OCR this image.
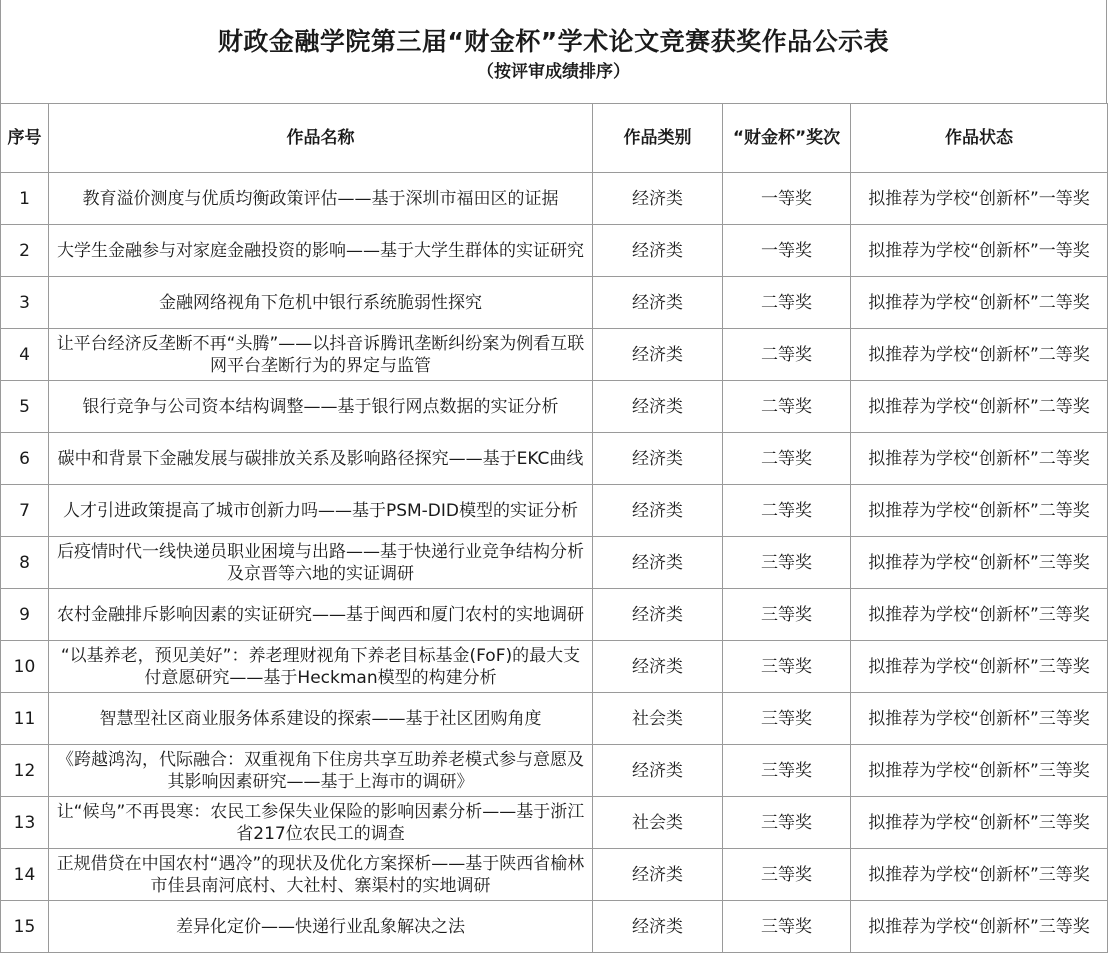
财政金融学院第三届“财金杯”学术论文竞赛获奖作品公示表
（按评审成绩排序）
序号	作品名称	作品类别	“财金杯”奖次	作品状态
1	教育溢价测度与优质均衡政策评估——基于深圳市福田区的证据	经济类	一等奖	拟推荐为学校“创新杯”一等奖
2	大学生金融参与对家庭金融投资的影响——基于大学生群体的实证研究	经济类	一等奖	拟推荐为学校“创新杯”一等奖
3	金融网络视角下危机中银行系统脆弱性探究	经济类	二等奖	拟推荐为学校“创新杯”二等奖
4	让平台经济反垄断不再“头腾”——以抖音诉腾讯垄断纠纷案为例看互联网平台垄断行为的界定与监管	经济类	二等奖	拟推荐为学校“创新杯”二等奖
5	银行竞争与公司资本结构调整——基于银行网点数据的实证分析	经济类	二等奖	拟推荐为学校“创新杯”二等奖
6	碳中和背景下金融发展与碳排放关系及影响路径探究——基于EKC曲线	经济类	二等奖	拟推荐为学校“创新杯”二等奖
7	人才引进政策提高了城市创新力吗——基于PSM-DID模型的实证分析	经济类	二等奖	拟推荐为学校“创新杯”二等奖
8	后疫情时代一线快递员职业困境与出路——基于快递行业竞争结构分析及京晋等六地的实证调研	经济类	三等奖	拟推荐为学校“创新杯”三等奖
9	农村金融排斥影响因素的实证研究——基于闽西和厦门农村的实地调研	经济类	三等奖	拟推荐为学校“创新杯”三等奖
10	“以基养老，预见美好”：养老理财视角下养老目标基金(FoF)的最大支付意愿研究——基于Heckman模型的构建分析	经济类	三等奖	拟推荐为学校“创新杯”三等奖
11	智慧型社区商业服务体系建设的探索——基于社区团购角度	社会类	三等奖	拟推荐为学校“创新杯”三等奖
12	《跨越鸿沟，代际融合：双重视角下住房共享互助养老模式参与意愿及其影响因素研究——基于上海市的调研》	经济类	三等奖	拟推荐为学校“创新杯”三等奖
13	让“候鸟”不再畏寒：农民工参保失业保险的影响因素分析——基于浙江省217位农民工的调查	社会类	三等奖	拟推荐为学校“创新杯”三等奖
14	正规借贷在中国农村“遇冷”的现状及优化方案探析——基于陕西省榆林市佳县南河底村、大社村、寨渠村的实地调研	经济类	三等奖	拟推荐为学校“创新杯”三等奖
15	差异化定价——快递行业乱象解决之法	经济类	三等奖	拟推荐为学校“创新杯”三等奖
